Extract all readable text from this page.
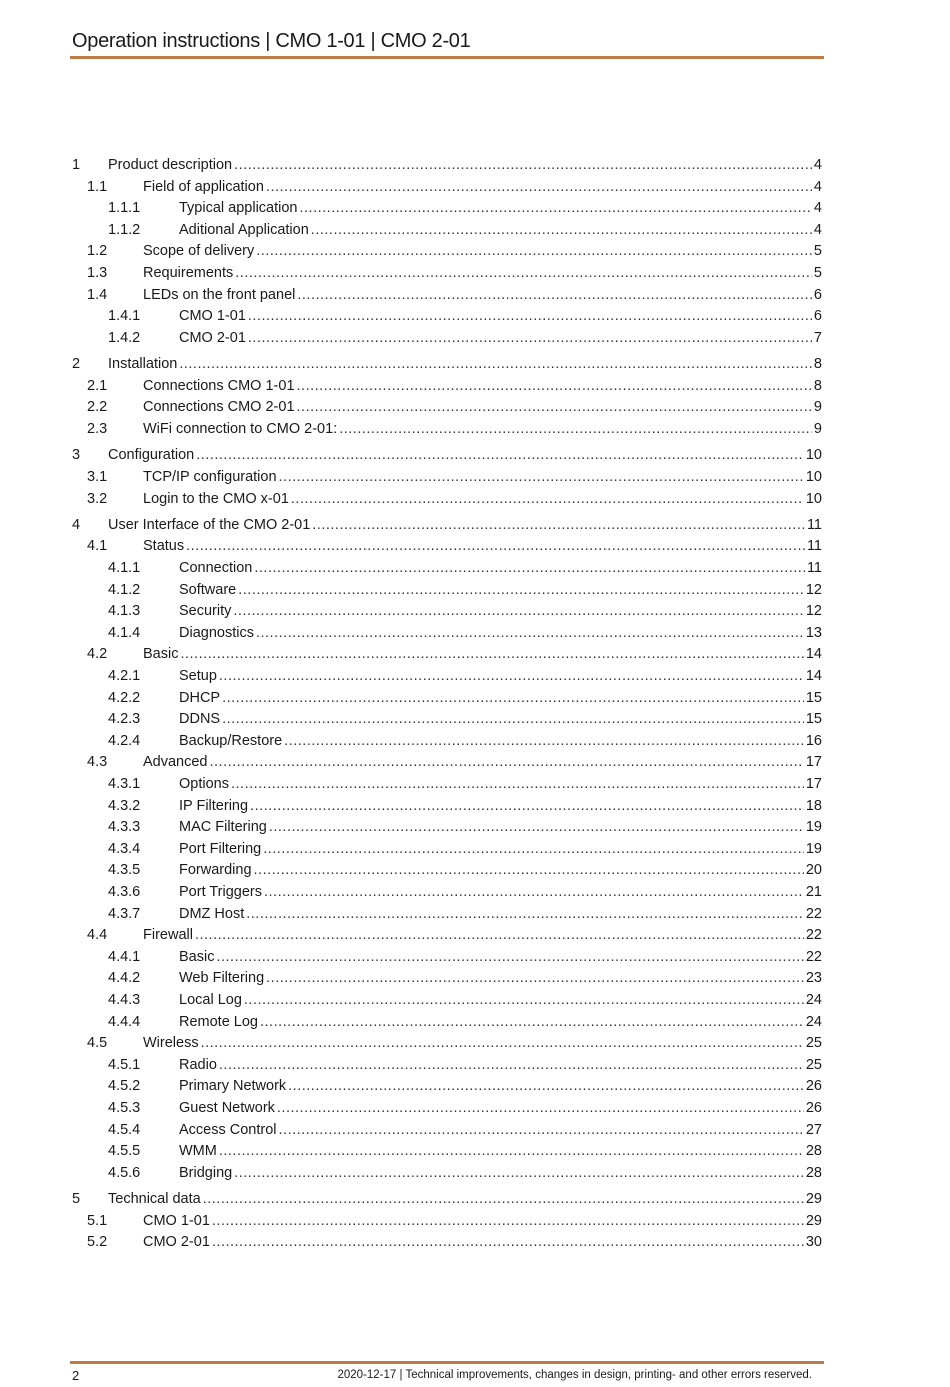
Operation instructions | CMO 1-01 | CMO 2-01
1	Product description .....	4
1.1	Field of application .....	4
1.1.1	Typical application .....	4
1.1.2	Aditional Application .....	4
1.2	Scope of delivery .....	5
1.3	Requirements .....	5
1.4	LEDs on the front panel .....	6
1.4.1	CMO 1-01 .....	6
1.4.2	CMO 2-01 .....	7
2	Installation .....	8
2.1	Connections CMO 1-01 .....	8
2.2	Connections CMO 2-01 .....	9
2.3	WiFi connection to CMO 2-01: .....	9
3	Configuration .....	10
3.1	TCP/IP configuration .....	10
3.2	Login to the CMO x-01 .....	10
4	User Interface of the CMO 2-01 .....	11
4.1	Status .....	11
4.1.1	Connection .....	11
4.1.2	Software .....	12
4.1.3	Security .....	12
4.1.4	Diagnostics .....	13
4.2	Basic .....	14
4.2.1	Setup .....	14
4.2.2	DHCP .....	15
4.2.3	DDNS .....	15
4.2.4	Backup/Restore .....	16
4.3	Advanced .....	17
4.3.1	Options .....	17
4.3.2	IP Filtering .....	18
4.3.3	MAC Filtering .....	19
4.3.4	Port Filtering .....	19
4.3.5	Forwarding .....	20
4.3.6	Port Triggers .....	21
4.3.7	DMZ Host .....	22
4.4	Firewall .....	22
4.4.1	Basic .....	22
4.4.2	Web Filtering .....	23
4.4.3	Local Log .....	24
4.4.4	Remote Log .....	24
4.5	Wireless .....	25
4.5.1	Radio .....	25
4.5.2	Primary Network .....	26
4.5.3	Guest Network .....	26
4.5.4	Access Control .....	27
4.5.5	WMM .....	28
4.5.6	Bridging .....	28
5	Technical data .....	29
5.1	CMO 1-01 .....	29
5.2	CMO 2-01 .....	30
2	2020-12-17 | Technical improvements, changes in design, printing- and other errors reserved.
